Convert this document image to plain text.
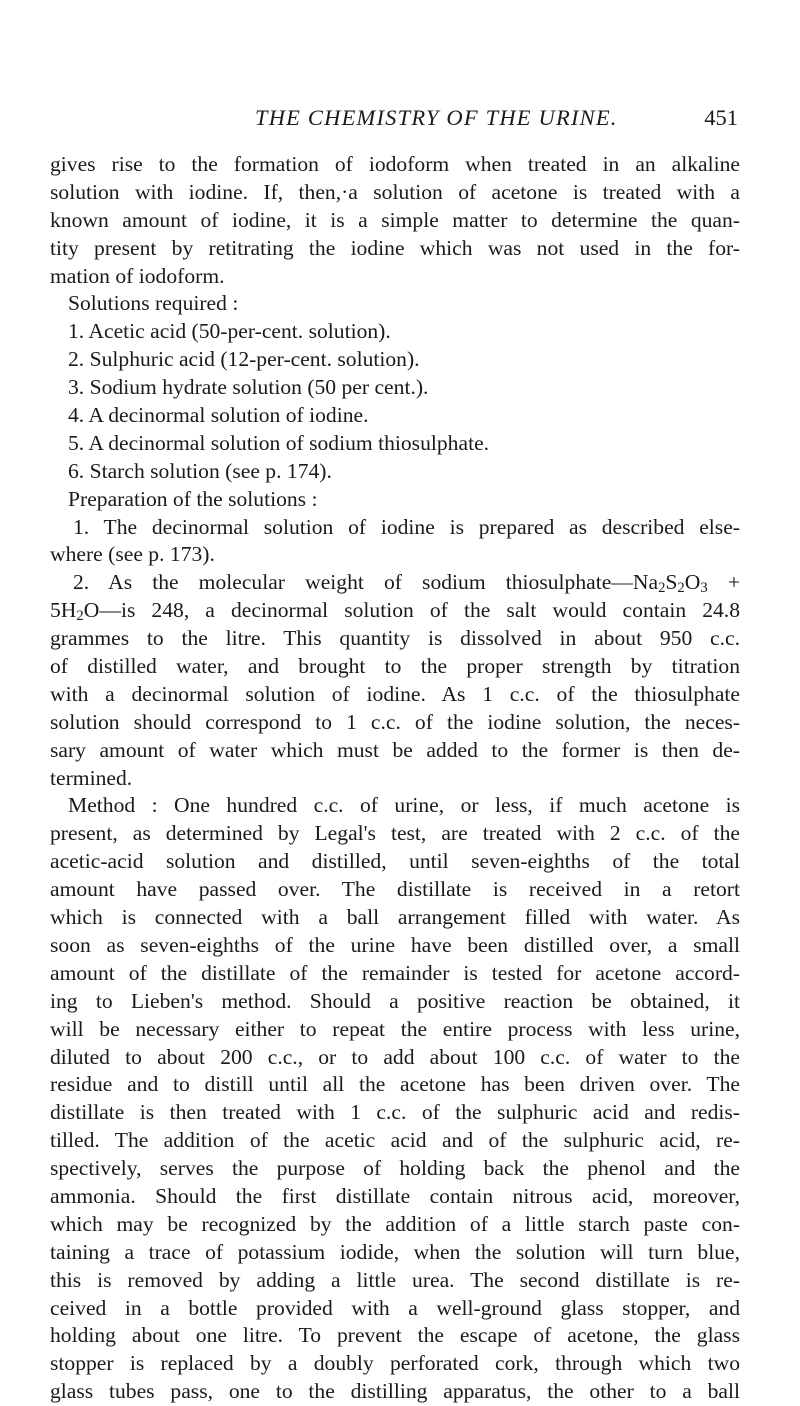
THE CHEMISTRY OF THE URINE.	451
gives rise to the formation of iodoform when treated in an alkaline
solution with iodine. If, then,·a solution of acetone is treated with a
known amount of iodine, it is a simple matter to determine the quan-
tity present by retitrating the iodine which was not used in the for-
mation of iodoform.
Solutions required :
1. Acetic acid (50-per-cent. solution).
2. Sulphuric acid (12-per-cent. solution).
3. Sodium hydrate solution (50 per cent.).
4. A decinormal solution of iodine.
5. A decinormal solution of sodium thiosulphate.
6. Starch solution (see p. 174).
Preparation of the solutions :
1. The decinormal solution of iodine is prepared as described else-
where (see p. 173).
2. As the molecular weight of sodium $thiosulphate—Na_2S_2O_3$ +
$5H_2O—is$ 248, a decinormal solution of the salt would contain 24.8
grammes to the litre. This quantity is dissolved in about 950 c.c.
of distilled water, and brought to the proper strength by titration
with a decinormal solution of iodine. As 1 c.c. of the thiosulphate
solution should correspond to 1 c.c. of the iodine solution, the neces-
sary amount of water which must be added to the former is then de-
termined.
Method : One hundred c.c. of urine, or less, if much acetone is
present, as determined by Legal's test, are treated with 2 c.c. of the
acetic-acid solution and distilled, until seven-eighths of the total
amount have passed over. The distillate is received in a retort
which is connected with a ball arrangement filled with water. As
soon as seven-eighths of the urine have been distilled over, a small
amount of the distillate of the remainder is tested for acetone accord-
ing to Lieben's method. Should a positive reaction be obtained, it
will be necessary either to repeat the entire process with less urine,
diluted to about 200 c.c., or to add about 100 c.c. of water to the
residue and to distill until all the acetone has been driven over. The
distillate is then treated with 1 c.c. of the sulphuric acid and redis-
tilled. The addition of the acetic acid and of the sulphuric acid, re-
spectively, serves the purpose of holding back the phenol and the
ammonia. Should the first distillate contain nitrous acid, moreover,
which may be recognized by the addition of a little starch paste con-
taining a trace of potassium iodide, when the solution will turn blue,
this is removed by adding a little urea. The second distillate is re-
ceived in a bottle provided with a well-ground glass stopper, and
holding about one litre. To prevent the escape of acetone, the glass
stopper is replaced by a doubly perforated cork, through which two
glass tubes pass, one to the distilling apparatus, the other to a ball
